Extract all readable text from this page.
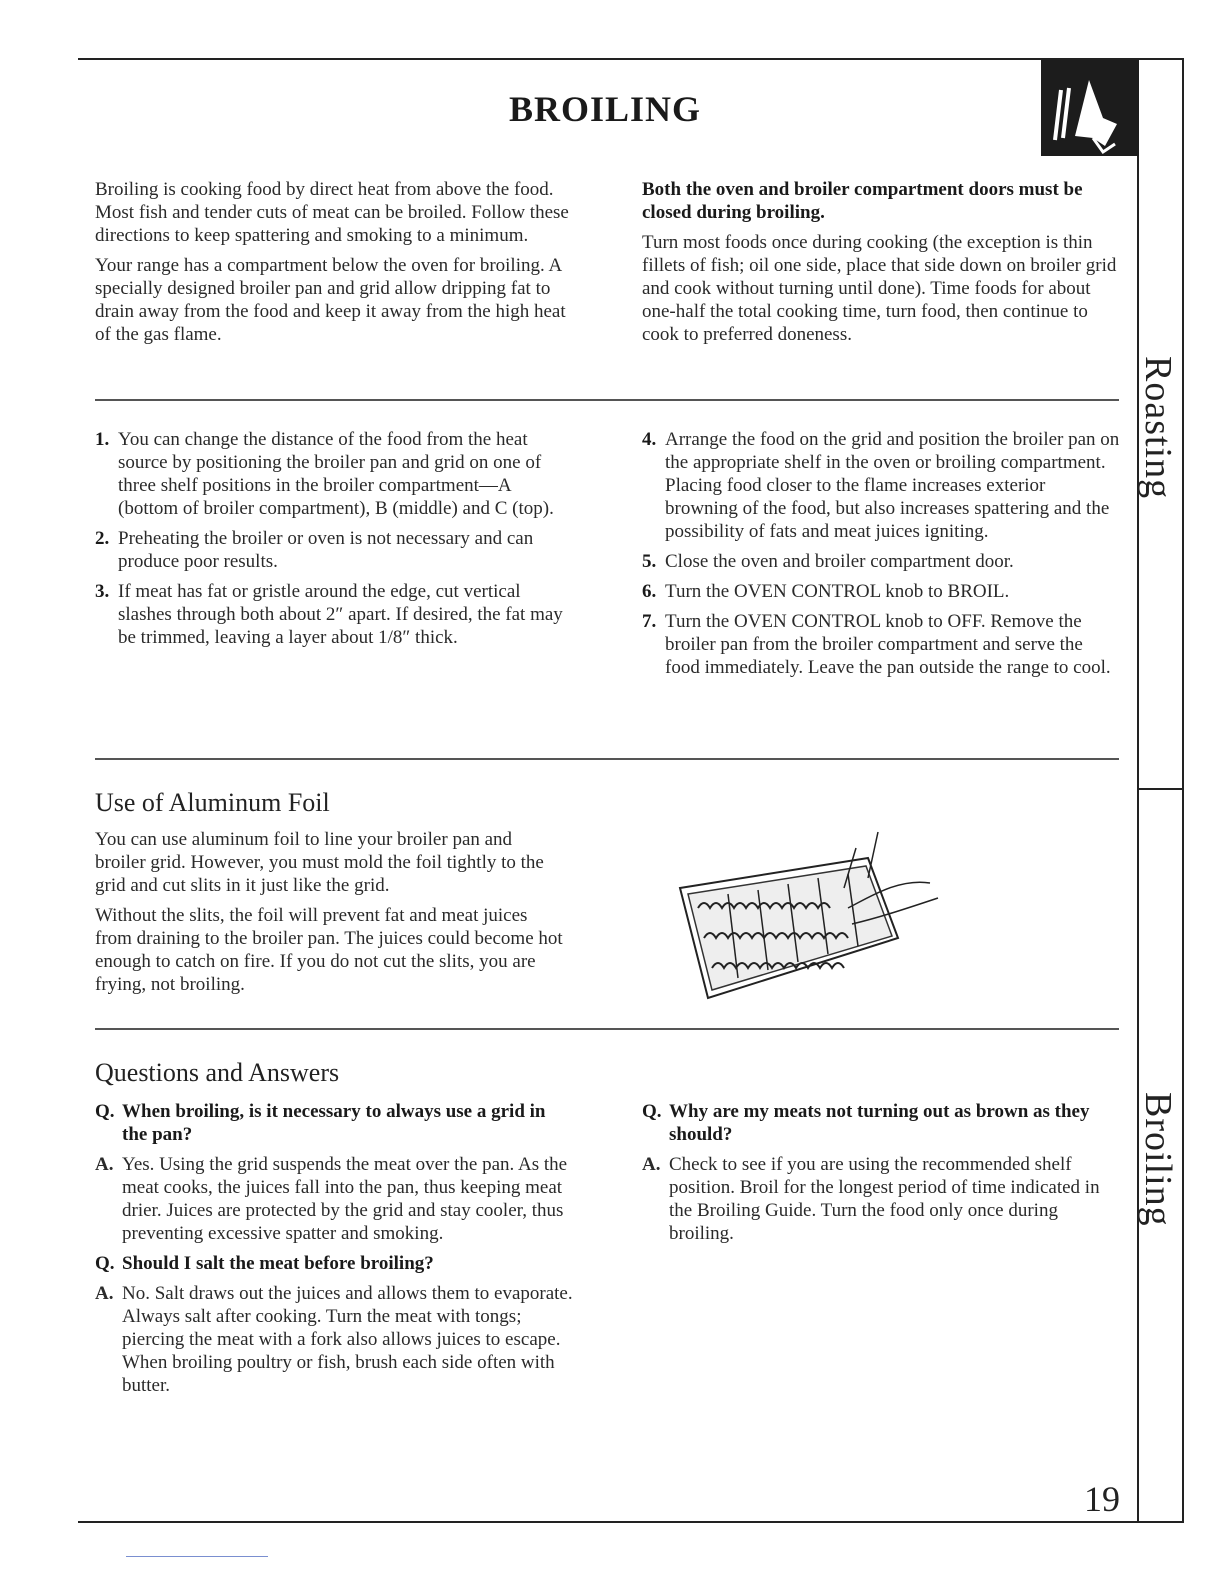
BROILING

Broiling is cooking food by direct heat from above the food. Most fish and tender cuts of meat can be broiled. Follow these directions to keep spattering and smoking to a minimum.

Your range has a compartment below the oven for broiling. A specially designed broiler pan and grid allow dripping fat to drain away from the food and keep it away from the high heat of the gas flame.

Both the oven and broiler compartment doors must be closed during broiling.

Turn most foods once during cooking (the exception is thin fillets of fish; oil one side, place that side down on broiler grid and cook without turning until done). Time foods for about one-half the total cooking time, turn food, then continue to cook to preferred doneness.

1. You can change the distance of the food from the heat source by positioning the broiler pan and grid on one of three shelf positions in the broiler compartment—A (bottom of broiler compartment), B (middle) and C (top).
2. Preheating the broiler or oven is not necessary and can produce poor results.
3. If meat has fat or gristle around the edge, cut vertical slashes through both about 2″ apart. If desired, the fat may be trimmed, leaving a layer about 1/8″ thick.
4. Arrange the food on the grid and position the broiler pan on the appropriate shelf in the oven or broiling compartment. Placing food closer to the flame increases exterior browning of the food, but also increases spattering and the possibility of fats and meat juices igniting.
5. Close the oven and broiler compartment door.
6. Turn the OVEN CONTROL knob to BROIL.
7. Turn the OVEN CONTROL knob to OFF. Remove the broiler pan from the broiler compartment and serve the food immediately. Leave the pan outside the range to cool.
Use of Aluminum Foil

You can use aluminum foil to line your broiler pan and broiler grid. However, you must mold the foil tightly to the grid and cut slits in it just like the grid.

Without the slits, the foil will prevent fat and meat juices from draining to the broiler pan. The juices could become hot enough to catch on fire. If you do not cut the slits, you are frying, not broiling.

Questions and Answers
Q. When broiling, is it necessary to always use a grid in the pan?
A. Yes. Using the grid suspends the meat over the pan. As the meat cooks, the juices fall into the pan, thus keeping meat drier. Juices are protected by the grid and stay cooler, thus preventing excessive spatter and smoking.
Q. Should I salt the meat before broiling?
A. No. Salt draws out the juices and allows them to evaporate. Always salt after cooking. Turn the meat with tongs; piercing the meat with a fork also allows juices to escape. When broiling poultry or fish, brush each side often with butter.
Q. Why are my meats not turning out as brown as they should?
A. Check to see if you are using the recommended shelf position. Broil for the longest period of time indicated in the Broiling Guide. Turn the food only once during broiling.
Roasting
Broiling
19
